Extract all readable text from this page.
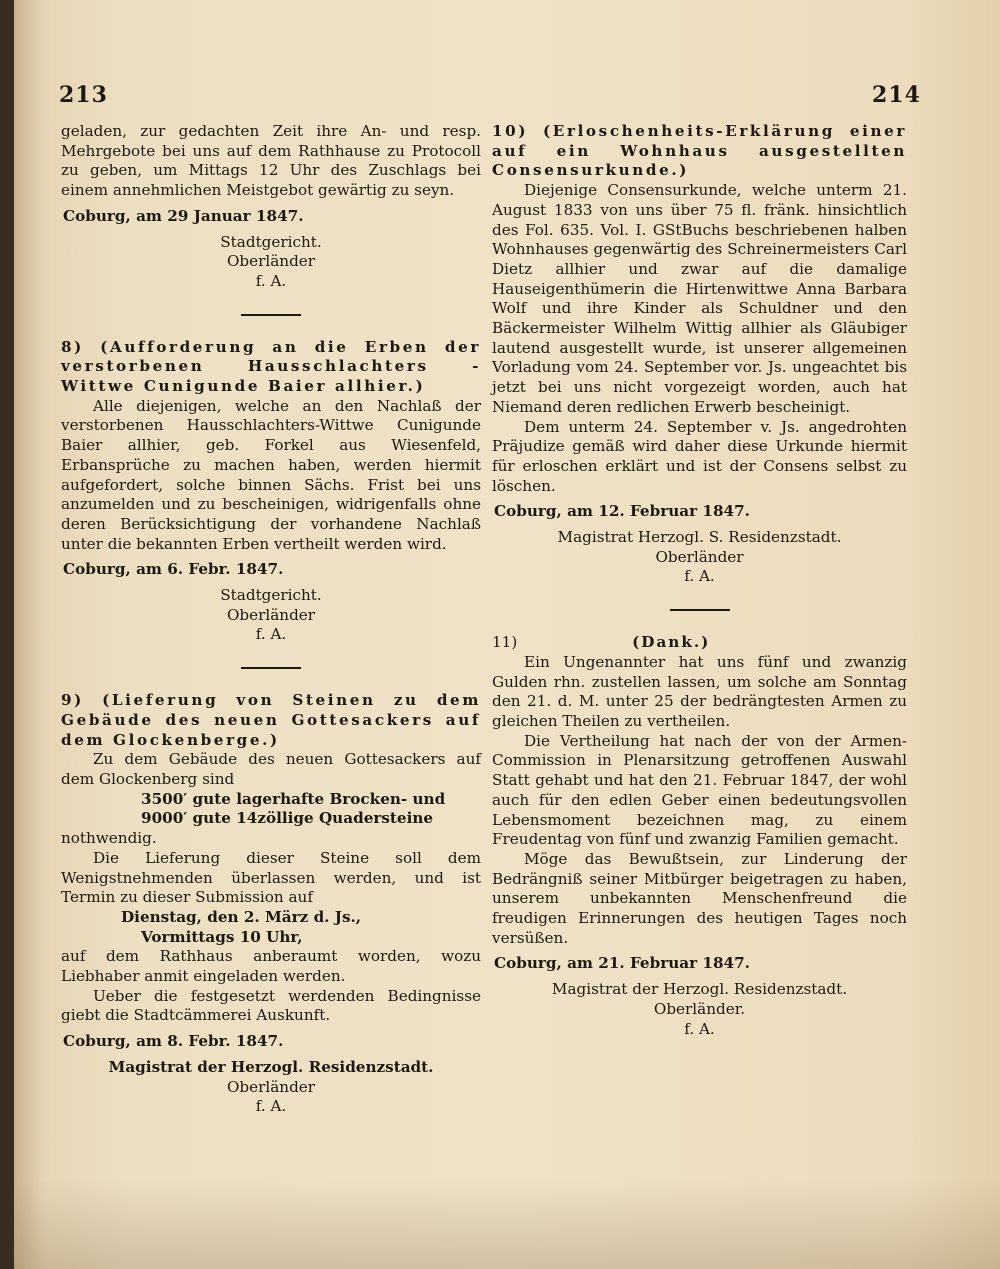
213	214

geladen, zur gedachten Zeit ihre An- und resp. Mehrgebote bei uns auf dem Rathhause zu Protocoll zu geben, um Mittags 12 Uhr des Zuschlags bei einem annehmlichen Meistgebot gewärtig zu seyn.

Coburg, am 29 Januar 1847.

Stadtgericht.

Oberländer

f. A.

8) (Aufforderung an die Erben der verstorbenen Hausschlachters - Wittwe Cunigunde Baier allhier.)

Alle diejenigen, welche an den Nachlaß der verstorbenen Hausschlachters-Wittwe Cunigunde Baier allhier, geb. Forkel aus Wiesenfeld, Erbansprüche zu machen haben, werden hiermit aufgefordert, solche binnen Sächs. Frist bei uns anzumelden und zu bescheinigen, widrigenfalls ohne deren Berücksichtigung der vorhandene Nachlaß unter die bekannten Erben vertheilt werden wird.

Coburg, am 6. Febr. 1847.

Stadtgericht.

Oberländer

f. A.

9) (Lieferung von Steinen zu dem Gebäude des neuen Gottesackers auf dem Glockenberge.)

Zu dem Gebäude des neuen Gottesackers auf dem Glockenberg sind

3500′ gute lagerhafte Brocken- und

9000′ gute 14zöllige Quadersteine

nothwendig.

Die Lieferung dieser Steine soll dem Wenigstnehmenden überlassen werden, und ist Termin zu dieser Submission auf

Dienstag, den 2. März d. Js.,

Vormittags 10 Uhr,

auf dem Rathhaus anberaumt worden, wozu Liebhaber anmit eingeladen werden.

Ueber die festgesetzt werdenden Bedingnisse giebt die Stadtcämmerei Auskunft.

Coburg, am 8. Febr. 1847.

Magistrat der Herzogl. Residenzstadt.

Oberländer

f. A.

10) (Erloschenheits-Erklärung einer auf ein Wohnhaus ausgestellten Consensurkunde.)

Diejenige Consensurkunde, welche unterm 21. August 1833 von uns über 75 fl. fränk. hinsichtlich des Fol. 635. Vol. I. GStBuchs beschriebenen halben Wohnhauses gegenwärtig des Schreinermeisters Carl Dietz allhier und zwar auf die damalige Hauseigenthümerin die Hirtenwittwe Anna Barbara Wolf und ihre Kinder als Schuldner und den Bäckermeister Wilhelm Wittig allhier als Gläubiger lautend ausgestellt wurde, ist unserer allgemeinen Vorladung vom 24. September vor. Js. ungeachtet bis jetzt bei uns nicht vorgezeigt worden, auch hat Niemand deren redlichen Erwerb bescheinigt.

Dem unterm 24. September v. Js. angedrohten Präjudize gemäß wird daher diese Urkunde hiermit für erloschen erklärt und ist der Consens selbst zu löschen.

Coburg, am 12. Februar 1847.

Magistrat Herzogl. S. Residenzstadt.

Oberländer

f. A.

11)	(Dank.)

Ein Ungenannter hat uns fünf und zwanzig Gulden rhn. zustellen lassen, um solche am Sonntag den 21. d. M. unter 25 der bedrängtesten Armen zu gleichen Theilen zu vertheilen.

Die Vertheilung hat nach der von der Armen-Commission in Plenarsitzung getroffenen Auswahl Statt gehabt und hat den 21. Februar 1847, der wohl auch für den edlen Geber einen bedeutungsvollen Lebensmoment bezeichnen mag, zu einem Freudentag von fünf und zwanzig Familien gemacht.

Möge das Bewußtsein, zur Linderung der Bedrängniß seiner Mitbürger beigetragen zu haben, unserem unbekannten Menschenfreund die freudigen Erinnerungen des heutigen Tages noch versüßen.

Coburg, am 21. Februar 1847.

Magistrat der Herzogl. Residenzstadt.

Oberländer.

f. A.
